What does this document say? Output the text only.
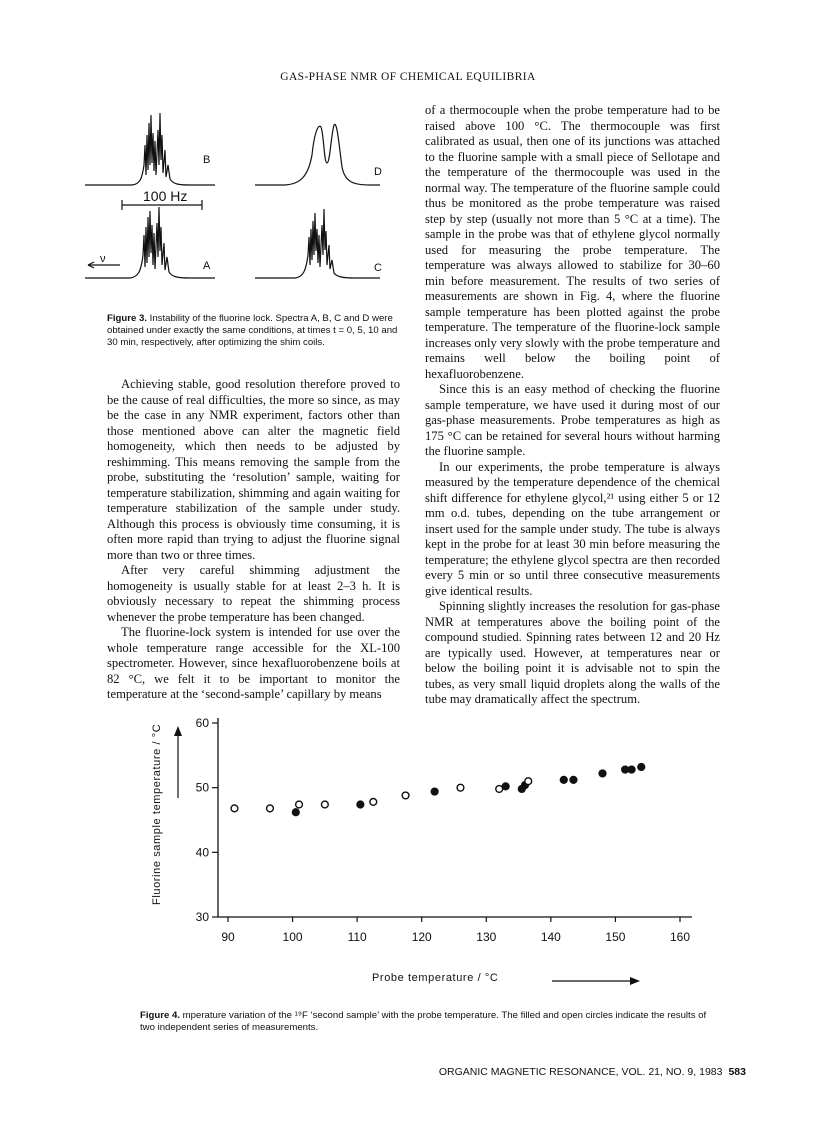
GAS-PHASE NMR OF CHEMICAL EQUILIBRIA
100 Hz
ν
B
D
A	C
Figure 3. Instability of the fluorine lock. Spectra A, B, C and D were obtained under exactly the same conditions, at times t = 0, 5, 10 and 30 min, respectively, after optimizing the shim coils.

Achieving stable, good resolution therefore proved to be the cause of real difficulties, the more so since, as may be the case in any NMR experiment, factors other than those mentioned above can alter the magnetic field homogeneity, which then needs to be adjusted by reshimming. This means removing the sample from the probe, substituting the ‘resolution’ sample, waiting for temperature stabilization, shimming and again waiting for temperature stabilization of the sample under study. Although this process is obviously time consuming, it is often more rapid than trying to adjust the fluorine signal more than two or three times.

After very careful shimming adjustment the homogeneity is usually stable for at least 2–3 h. It is obviously necessary to repeat the shimming process whenever the probe temperature has been changed.

The fluorine-lock system is intended for use over the whole temperature range accessible for the XL-100 spectrometer. However, since hexafluorobenzene boils at 82 °C, we felt it to be important to monitor the temperature at the ‘second-sample’ capillary by means

of a thermocouple when the probe temperature had to be raised above 100 °C. The thermocouple was first calibrated as usual, then one of its junctions was attached to the fluorine sample with a small piece of Sellotape and the temperature of the thermocouple was used in the normal way. The temperature of the fluorine sample could thus be monitored as the probe temperature was raised step by step (usually not more than 5 °C at a time). The sample in the probe was that of ethylene glycol normally used for measuring the probe temperature. The temperature was always allowed to stabilize for 30–60 min before measurement. The results of two series of measurements are shown in Fig. 4, where the fluorine sample temperature has been plotted against the probe temperature. The temperature of the fluorine-lock sample increases only very slowly with the probe temperature and remains well below the boiling point of hexafluorobenzene.

Since this is an easy method of checking the fluorine sample temperature, we have used it during most of our gas-phase measurements. Probe temperatures as high as 175 °C can be retained for several hours without harming the fluorine sample.

In our experiments, the probe temperature is always measured by the temperature dependence of the chemical shift difference for ethylene glycol,²¹ using either 5 or 12 mm o.d. tubes, depending on the tube arrangement or insert used for the sample under study. The tube is always kept in the probe for at least 30 min before measuring the temperature; the ethylene glycol spectra are then recorded every 5 min or so until three consecutive measurements give identical results.

Spinning slightly increases the resolution for gas-phase NMR at temperatures above the boiling point of the compound studied. Spinning rates between 12 and 20 Hz are typically used. However, at temperatures near or below the boiling point it is advisable not to spin the tubes, as very small liquid droplets along the walls of the tube may dramatically affect the spectrum.

90	100	110	120	130	140	150	160
30
40
50
60
Fluorine sample temperature / °C
Probe temperature / °C
Figure 4. mperature variation of the ¹⁹F ‘second sample’ with the probe temperature. The filled and open circles indicate the results of two independent series of measurements.
ORGANIC MAGNETIC RESONANCE, VOL. 21, NO. 9, 1983 583
